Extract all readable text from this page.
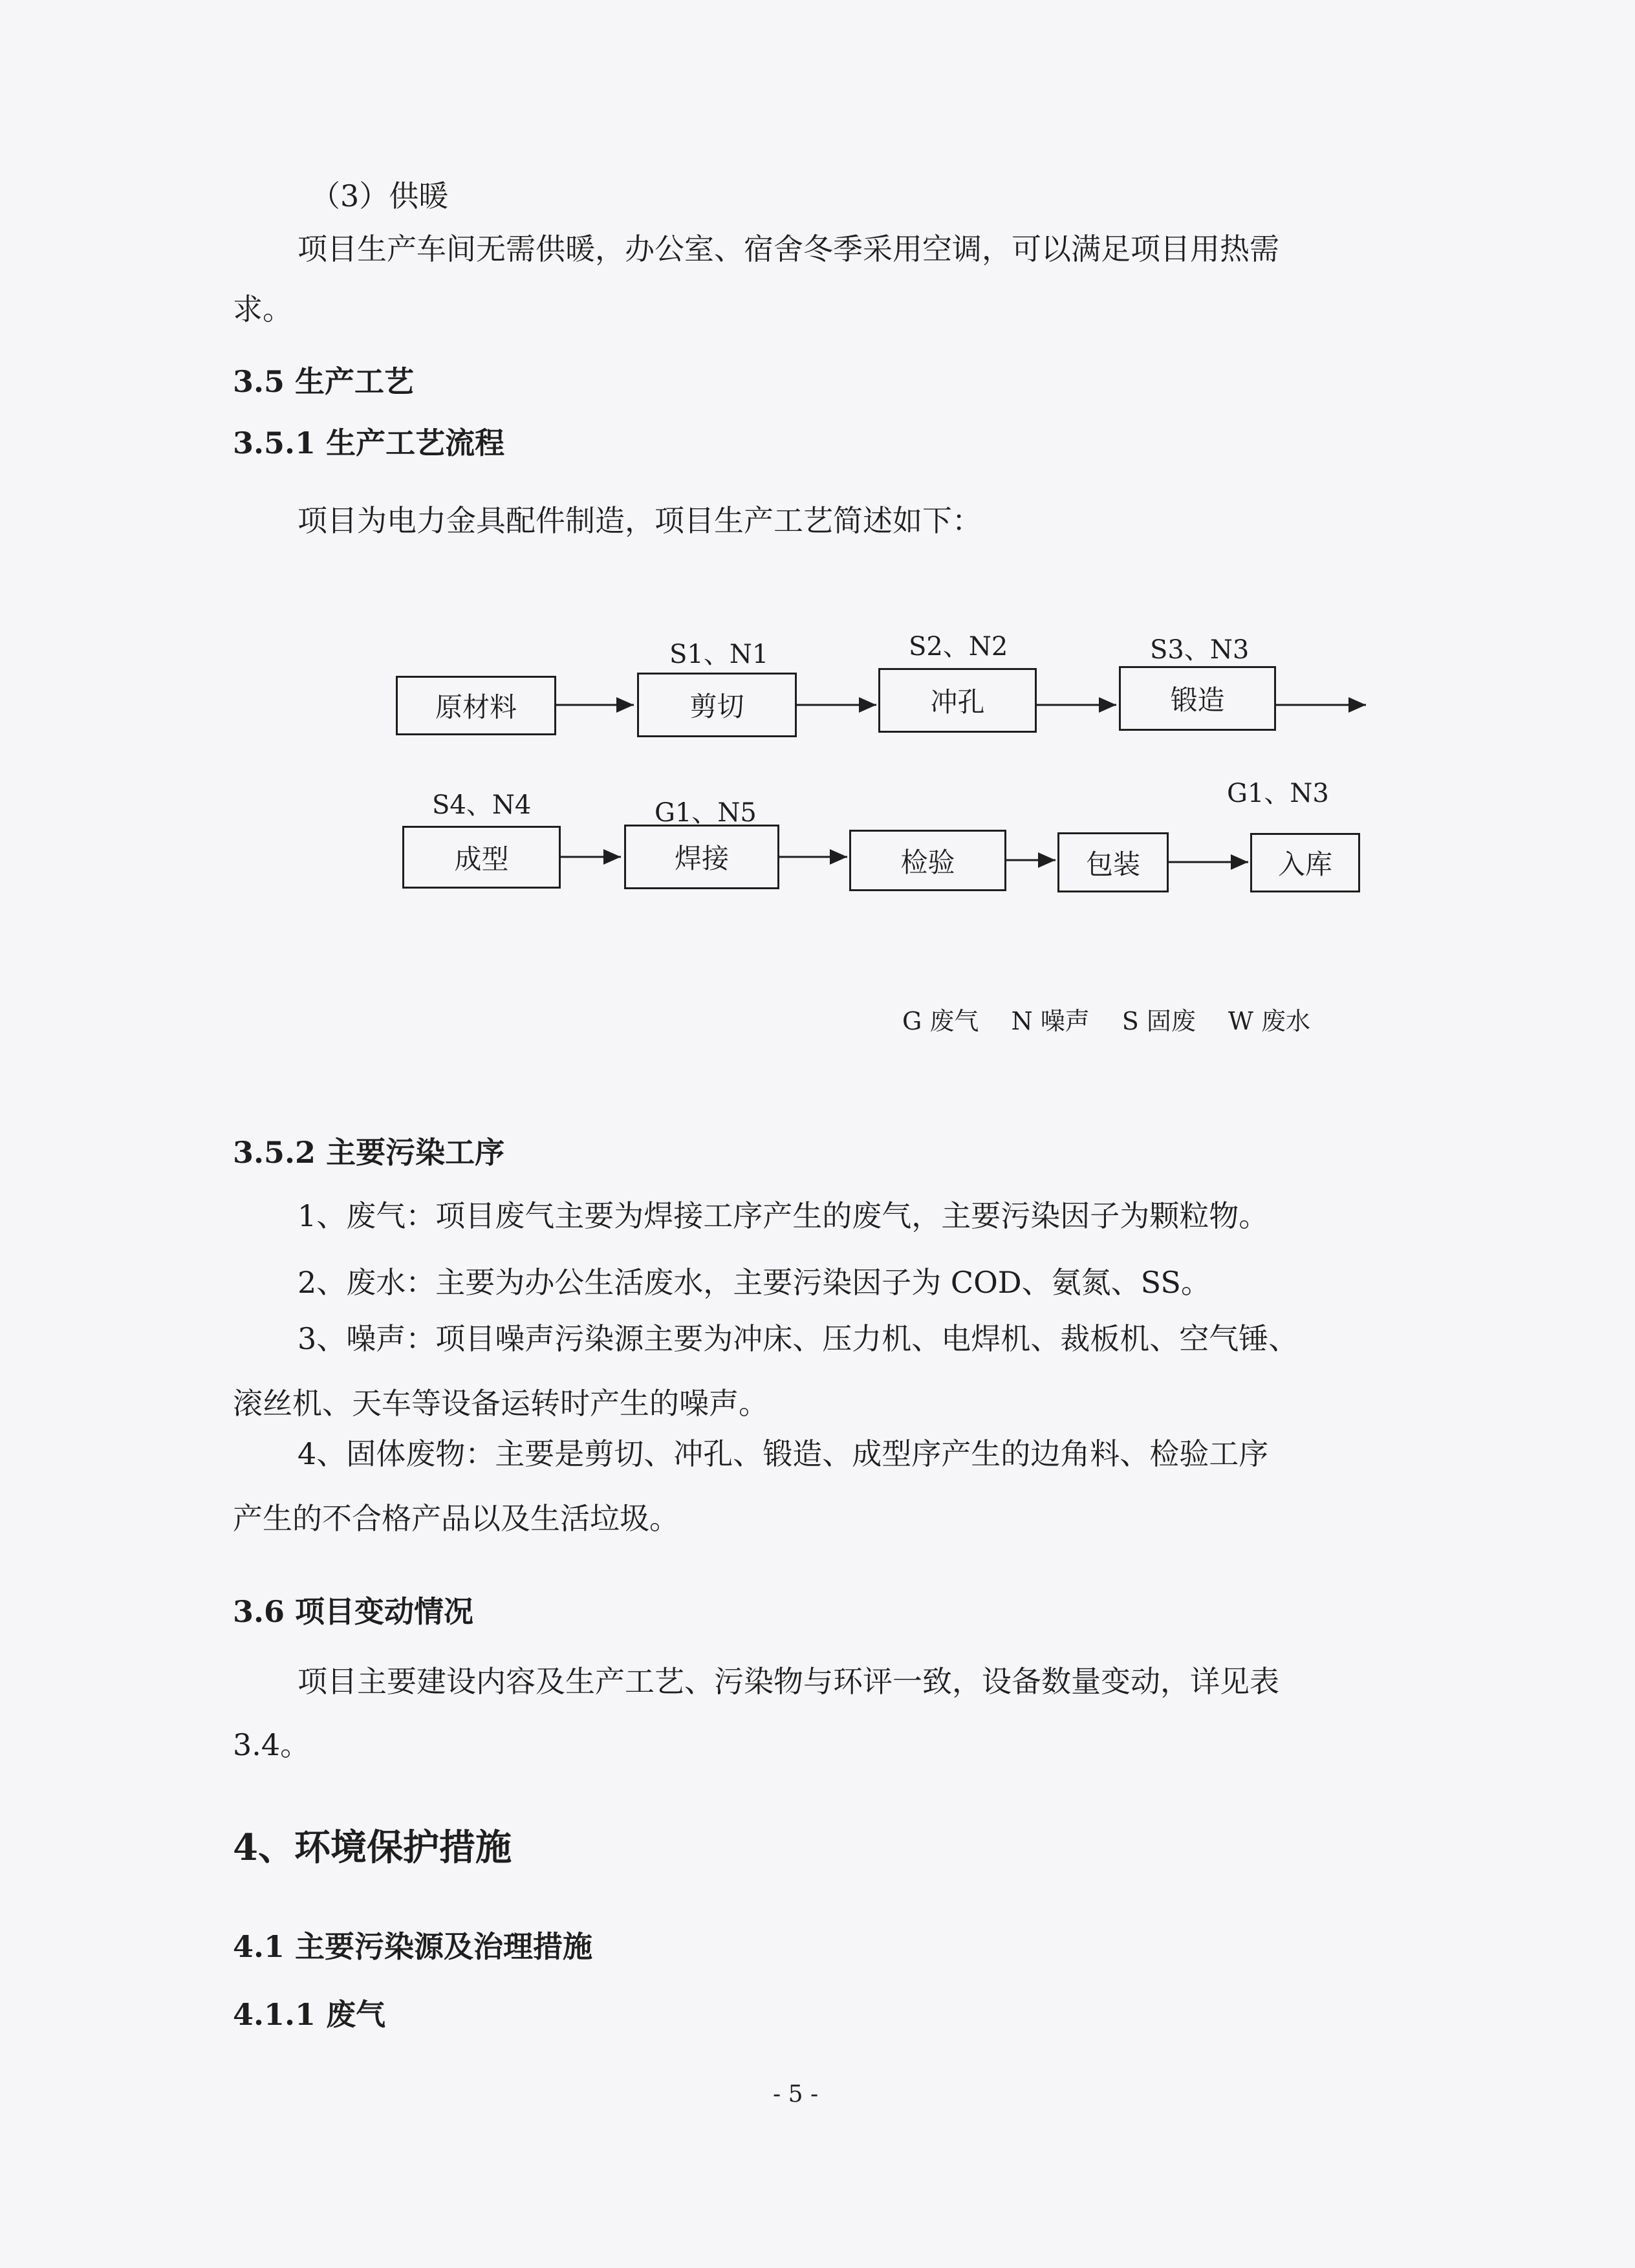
（3）供暖
项目生产车间无需供暖，办公室、宿舍冬季采用空调，可以满足项目用热需
求。
3.5 生产工艺
3.5.1 生产工艺流程
项目为电力金具配件制造，项目生产工艺简述如下：
原材料	剪切	冲孔	锻造
S1、N1	S2、N2	S3、N3
成型	焊接	检验	包装	入库
S4、N4	G1、N5
G1、N3
G 废气 N 噪声 S 固废 W 废水
3.5.2 主要污染工序
1、废气：项目废气主要为焊接工序产生的废气，主要污染因子为颗粒物。
2、废水：主要为办公生活废水，主要污染因子为 COD、氨氮、SS。
3、噪声：项目噪声污染源主要为冲床、压力机、电焊机、裁板机、空气锤、
滚丝机、天车等设备运转时产生的噪声。
4、固体废物：主要是剪切、冲孔、锻造、成型序产生的边角料、检验工序
产生的不合格产品以及生活垃圾。
3.6 项目变动情况
项目主要建设内容及生产工艺、污染物与环评一致，设备数量变动，详见表
3.4。
4、环境保护措施
4.1 主要污染源及治理措施
4.1.1 废气
- 5 -
